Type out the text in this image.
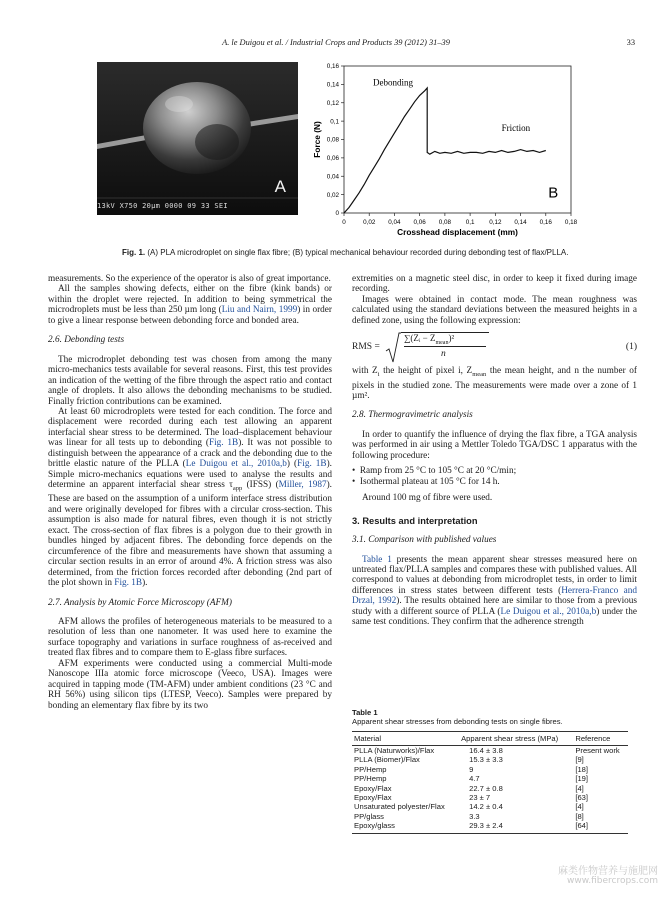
A. le Duigou et al. / Industrial Crops and Products 39 (2012) 31–39	33
A
13kV X750 20µm 0000 09 33 SEI
0	0,02 0,04 0,06 0,08 0,1 0,12 0,14 0,16 0,18
0
0,02
0,04
0,06
0,08
0,1
0,12
0,14
0,16
Crosshead displacement (mm)
Force (N)
Debonding
Friction
B
Fig. 1. (A) PLA microdroplet on single flax fibre; (B) typical mechanical behaviour recorded during debonding test of flax/PLLA.

measurements. So the experience of the operator is also of great importance.

All the samples showing defects, either on the fibre (kink bands) or within the droplet were rejected. In addition to being symmetrical the microdroplets must be less than 250 µm long (Liu and Nairn, 1999) in order to give a linear response between debonding force and bonded area.

2.6. Debonding tests

The microdroplet debonding test was chosen from among the many micro-mechanics tests available for several reasons. First, this test provides an indication of the wetting of the fibre through the aspect ratio and contact angle of droplets. It also allows the debonding mechanisms to be studied. Finally friction contributions can be examined.

At least 60 microdroplets were tested for each condition. The force and displacement were recorded during each test allowing an apparent interfacial shear stress to be determined. The load–displacement behaviour was linear for all tests up to debonding (Fig. 1B). It was not possible to distinguish between the appearance of a crack and the debonding due to the brittle elastic nature of the PLLA (Le Duigou et al., 2010a,b) (Fig. 1B). Simple micro-mechanics equations were used to analyse the results and determine an apparent interfacial shear stress $\tau_{app}$ (IFSS) (Miller, 1987). These are based on the assumption of a uniform interface stress distribution and were originally developed for fibres with a circular cross-section. This assumption is also made for natural fibres, even though it is not strictly exact. The cross-section of flax fibres is a polygon due to their growth in bundles hinged by adjacent fibres. The debonding force depends on the circumference of the fibre and measurements have shown that assuming a circular section results in an error of around 4%. A friction stress was also determined, from the friction forces recorded after debonding (2nd part of the plot shown in Fig. 1B).

2.7. Analysis by Atomic Force Microscopy (AFM)

AFM allows the profiles of heterogeneous materials to be measured to a resolution of less than one nanometer. It was used here to examine the surface topography and variations in surface roughness of as-received and treated flax fibres and to compare them to E-glass fibre surfaces.

AFM experiments were conducted using a commercial Multi-mode Nanoscope IIIa atomic force microscope (Veeco, USA). Images were acquired in tapping mode (TM-AFM) under ambient conditions (23 °C and RH 56%) using silicon tips (LTESP, Veeco). Samples were prepared by bonding an elementary flax fibre by its two

extremities on a magnetic steel disc, in order to keep it fixed during image recording.

Images were obtained in contact mode. The mean roughness was calculated using the standard deviations between the measured heights in a defined zone, using the following expression:

RMS =
∑(Zᵢ − $Z_{mean})^2$
n
(1)

with $Z_i$ the height of pixel i, $Z_{mean}$ the mean height, and n the number of pixels in the studied zone. The measurements were made over a zone of 1 µm².

2.8. Thermogravimetric analysis

In order to quantify the influence of drying the flax fibre, a TGA analysis was performed in air using a Mettler Toledo TGA/DSC 1 apparatus with the following procedure:

•  Ramp from 25 °C to 105 °C at 20 °C/min;

•  Isothermal plateau at 105 °C for 14 h.

Around 100 mg of fibre were used.

3. Results and interpretation

3.1. Comparison with published values

Table 1 presents the mean apparent shear stresses measured here on untreated flax/PLLA samples and compares these with published values. All correspond to values at debonding from microdroplet tests, in order to limit differences in stress states between different tests (Herrera-Franco and Drzal, 1992). The results obtained here are similar to those from a previous study with a different source of PLLA (Le Duigou et al., 2010a,b) under the same test conditions. They confirm that the adherence strength

Table 1
Apparent shear stresses from debonding tests on single fibres.
Material	Apparent shear stress (MPa)	Reference
PLLA (Naturworks)/Flax	16.4 ± 3.8	Present work
PLLA (Biomer)/Flax	15.3 ± 3.3	[9]
PP/Hemp	9	[18]
PP/Hemp	4.7	[19]
Epoxy/Flax	22.7 ± 0.8	[4]
Epoxy/Flax	23 ± 7	[63]
Unsaturated polyester/Flax	14.2 ± 0.4	[4]
PP/glass	3.3	[8]
Epoxy/glass	29.3 ± 2.4	[64]
麻类作物营养与施肥网
www.fibercrops.com
